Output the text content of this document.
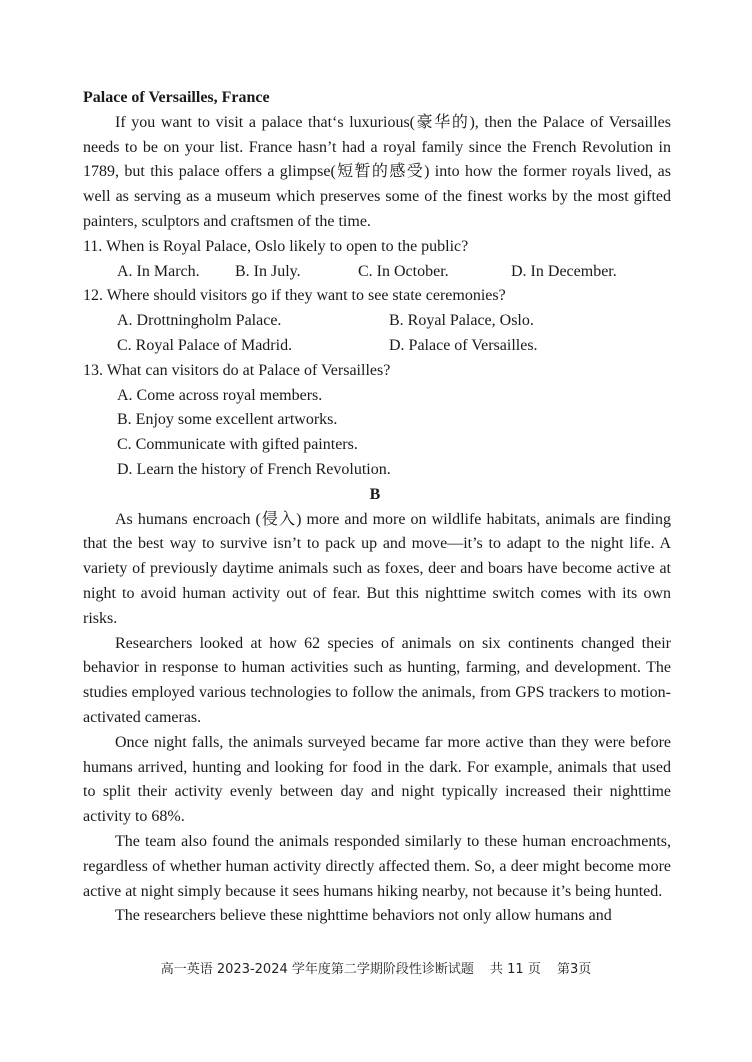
Palace of Versailles, France

If you want to visit a palace that‘s luxurious(豪华的), then the Palace of Versailles needs to be on your list. France hasn’t had a royal family since the French Revolution in 1789, but this palace offers a glimpse(短暂的感受) into how the former royals lived, as well as serving as a museum which preserves some of the finest works by the most gifted painters, sculptors and craftsmen of the time.

11. When is Royal Palace, Oslo likely to open to the public?

A. In March.	B. In July.	C. In October.	D. In December.

12. Where should visitors go if they want to see state ceremonies?

A. Drottningholm Palace.	B. Royal Palace, Oslo.
C. Royal Palace of Madrid.	D. Palace of Versailles.

13. What can visitors do at Palace of Versailles?

A. Come across royal members.

B. Enjoy some excellent artworks.

C. Communicate with gifted painters.

D. Learn the history of French Revolution.

B

As humans encroach (侵入) more and more on wildlife habitats, animals are finding that the best way to survive isn’t to pack up and move—it’s to adapt to the night life. A variety of previously daytime animals such as foxes, deer and boars have become active at night to avoid human activity out of fear. But this nighttime switch comes with its own risks.

Researchers looked at how 62 species of animals on six continents changed their behavior in response to human activities such as hunting, farming, and development. The studies employed various technologies to follow the animals, from GPS trackers to motion-activated cameras.

Once night falls, the animals surveyed became far more active than they were before humans arrived, hunting and looking for food in the dark. For example, animals that used to split their activity evenly between day and night typically increased their nighttime activity to 68%.

The team also found the animals responded similarly to these human encroachments, regardless of whether human activity directly affected them. So, a deer might become more active at night simply because it sees humans hiking nearby, not because it’s being hunted.

The researchers believe these nighttime behaviors not only allow humans and

高一英语 2023-2024 学年度第二学期阶段性诊断试题 共 11 页 第3页
